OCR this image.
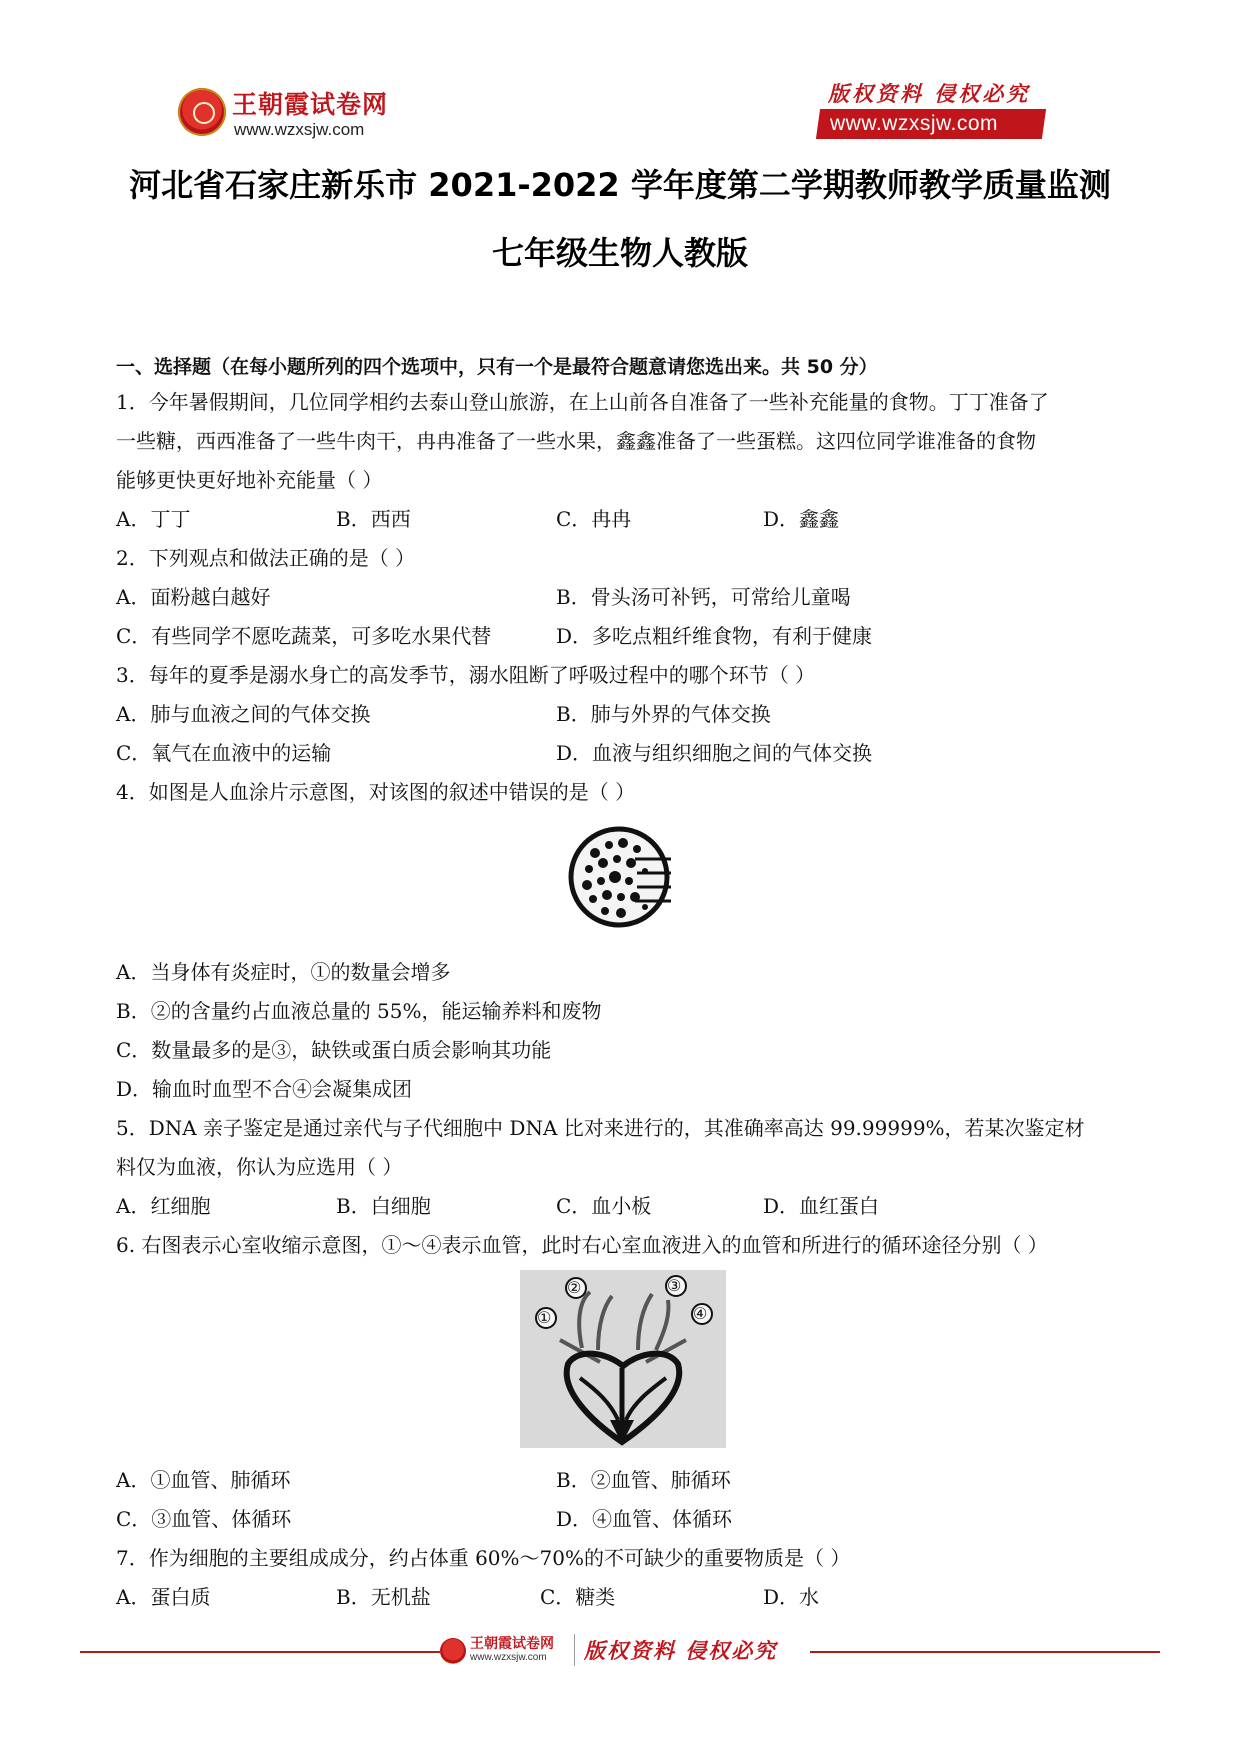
王朝霞试卷网
www.wzxsjw.com
版权资料 侵权必究
www.wzxsjw.com
河北省石家庄新乐市 2021-2022 学年度第二学期教师教学质量监测
七年级生物人教版
一、选择题（在每小题所列的四个选项中，只有一个是最符合题意请您选出来。共 50 分）
1．今年暑假期间，几位同学相约去泰山登山旅游，在上山前各自准备了一些补充能量的食物。丁丁准备了
一些糖，西西准备了一些牛肉干，冉冉准备了一些水果，鑫鑫准备了一些蛋糕。这四位同学谁准备的食物
能够更快更好地补充能量（ ）
A．丁丁	B．西西	C．冉冉	D．鑫鑫
2．下列观点和做法正确的是（ ）
A．面粉越白越好	B．骨头汤可补钙，可常给儿童喝
C．有些同学不愿吃蔬菜，可多吃水果代替	D．多吃点粗纤维食物，有利于健康
3．每年的夏季是溺水身亡的高发季节，溺水阻断了呼吸过程中的哪个环节（ ）
A．肺与血液之间的气体交换	B．肺与外界的气体交换
C．氧气在血液中的运输	D．血液与组织细胞之间的气体交换
4．如图是人血涂片示意图，对该图的叙述中错误的是（ ）
A．当身体有炎症时，①的数量会增多
B．②的含量约占血液总量的 55%，能运输养料和废物
C．数量最多的是③，缺铁或蛋白质会影响其功能
D．输血时血型不合④会凝集成团
5．DNA 亲子鉴定是通过亲代与子代细胞中 DNA 比对来进行的，其准确率高达 99.99999%，若某次鉴定材
料仅为血液，你认为应选用（ ）
A．红细胞	B．白细胞	C．血小板	D．血红蛋白
6. 右图表示心室收缩示意图，①～④表示血管，此时右心室血液进入的血管和所进行的循环途径分别（ ）
①
②	③
④
A．①血管、肺循环	B．②血管、肺循环
C．③血管、体循环	D．④血管、体循环
7．作为细胞的主要组成成分，约占体重 60%～70%的不可缺少的重要物质是（ ）
A．蛋白质	B．无机盐	C．糖类	D．水
王朝霞试卷网
www.wzxsjw.com 版权资料 侵权必究
